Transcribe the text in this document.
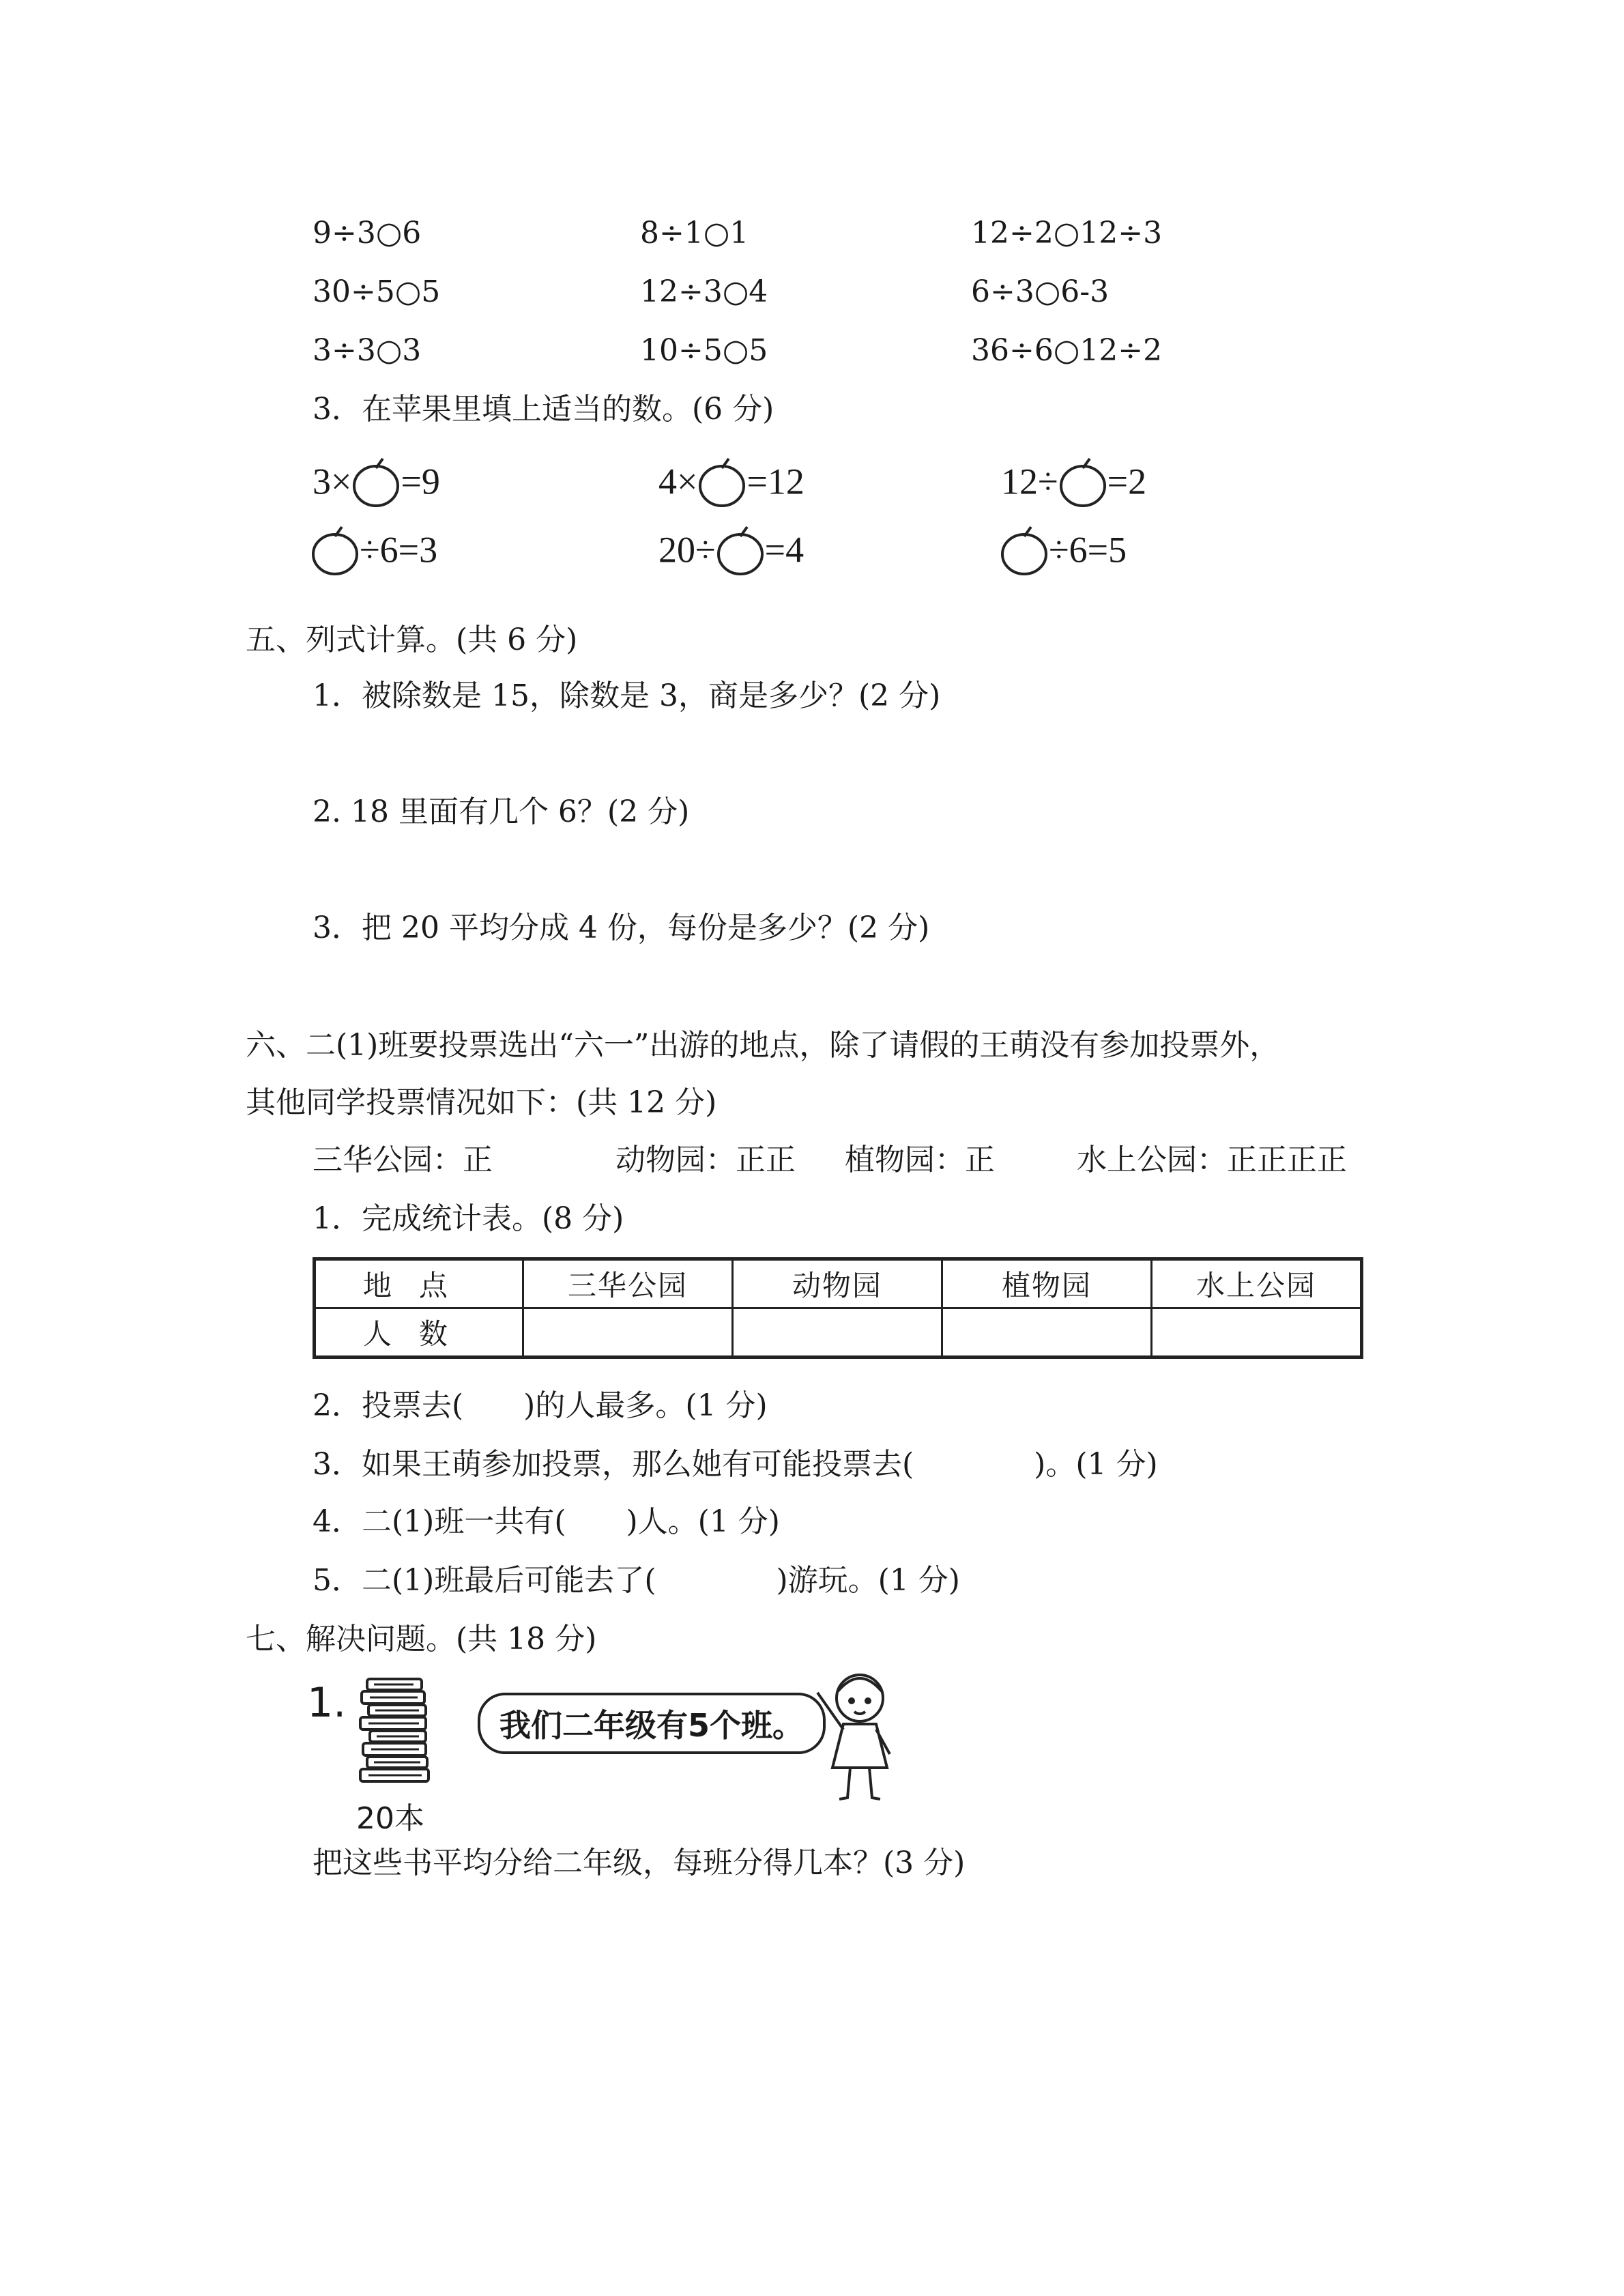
9÷3○6	8÷1○1	12÷2○12÷3
30÷5○5	12÷3○4	6÷3○6-3
3÷3○3	10÷5○5	36÷6○12÷2
3．在苹果里填上适当的数。(6 分)
3× =9	4× =12	12÷ =2
÷6=3	20÷ =4	÷6=5
五、列式计算。(共 6 分)
1．被除数是 15，除数是 3，商是多少？(2 分)
2. 18 里面有几个 6？(2 分)
3．把 20 平均分成 4 份，每份是多少？(2 分)
六、二(1)班要投票选出“六一”出游的地点，除了请假的王萌没有参加投票外，
其他同学投票情况如下：(共 12 分)
三华公园：正	动物园：正正 植物园：正	水上公园：正正正正
1．完成统计表。(8 分)
地点	三华公园	动物园	植物园	水上公园
人数				
2．投票去(　　)的人最多。(1 分)
3．如果王萌参加投票，那么她有可能投票去(　　　　)。(1 分)
4．二(1)班一共有(　　)人。(1 分)
5．二(1)班最后可能去了(　　　　)游玩。(1 分)
七、解决问题。(共 18 分)
1.
20本
我们二年级有5个班。
把这些书平均分给二年级，每班分得几本？(3 分)
